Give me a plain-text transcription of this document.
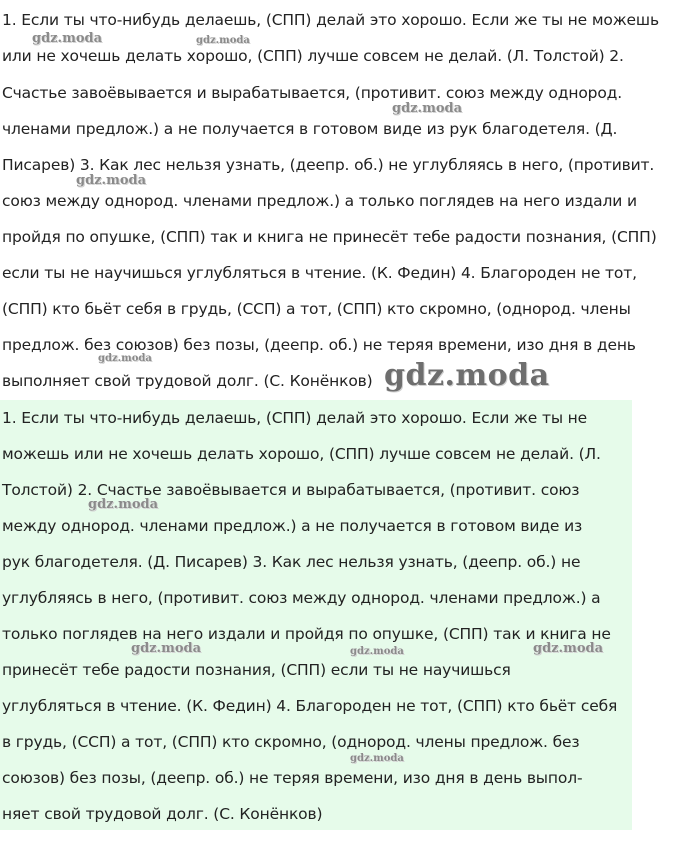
1. Если ты что-нибудь делаешь, (СПП) делай это хорошо. Если же ты не можешь
или не хочешь делать хорошо, (СПП) лучше совсем не делай. (Л. Толстой) 2.
Счастье завоёвывается и вырабатывается, (противит. союз между однород.
членами предлож.) а не получается в готовом виде из рук благодетеля. (Д.
Писарев) 3. Как лес нельзя узнать, (деепр. об.) не углубляясь в него, (противит.
союз между однород. членами предлож.) а только поглядев на него издали и
пройдя по опушке, (СПП) так и книга не принесёт тебе радости познания, (СПП)
если ты не научишься углубляться в чтение. (К. Федин) 4. Благороден не тот,
(СПП) кто бьёт себя в грудь, (ССП) а тот, (СПП) кто скромно, (однород. члены
предлож. без союзов) без позы, (деепр. об.) не теряя времени, изо дня в день
выполняет свой трудовой долг. (С. Конёнков)
1. Если ты что-нибудь делаешь, (СПП) делай это хорошо. Если же ты не
можешь или не хочешь делать хорошо, (СПП) лучше совсем не делай. (Л.
Толстой) 2. Счастье завоёвывается и вырабатывается, (противит. союз
между однород. членами предлож.) а не получается в готовом виде из
рук благодетеля. (Д. Писарев) 3. Как лес нельзя узнать, (деепр. об.) не
углубляясь в него, (противит. союз между однород. членами предлож.) а
только поглядев на него издали и пройдя по опушке, (СПП) так и книга не
принесёт тебе радости познания, (СПП) если ты не научишься
углубляться в чтение. (К. Федин) 4. Благороден не тот, (СПП) кто бьёт себя
в грудь, (ССП) а тот, (СПП) кто скромно, (однород. члены предлож. без
союзов) без позы, (деепр. об.) не теряя времени, изо дня в день выпол-
няет свой трудовой долг. (С. Конёнков)
gdz.moda	gdz.moda
gdz.moda
gdz.moda
gdz.moda	gdz.moda
gdz.moda
gdz.moda	gdz.moda	gdz.moda
gdz.moda
